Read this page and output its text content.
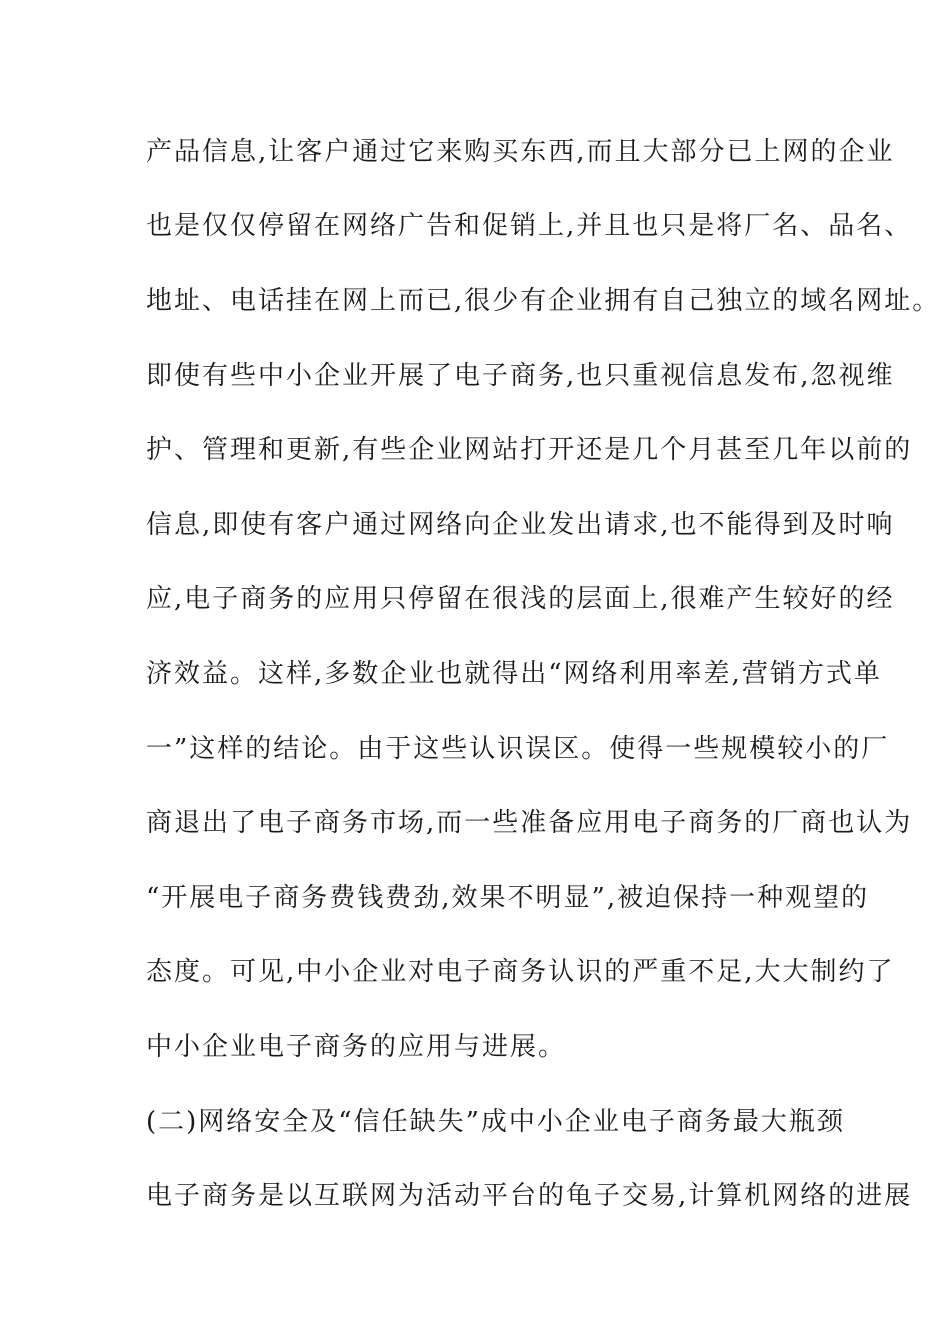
产品信息,让客户通过它来购买东西,而且大部分已上网的企业
也是仅仅停留在网络广告和促销上,并且也只是将厂名、品名、
地址、电话挂在网上而已,很少有企业拥有自己独立的域名网址。
即使有些中小企业开展了电子商务,也只重视信息发布,忽视维
护、管理和更新,有些企业网站打开还是几个月甚至几年以前的
信息,即使有客户通过网络向企业发出请求,也不能得到及时响
应,电子商务的应用只停留在很浅的层面上,很难产生较好的经
济效益。这样,多数企业也就得出“网络利用率差,营销方式单
一”这样的结论。由于这些认识误区。使得一些规模较小的厂
商退出了电子商务市场,而一些准备应用电子商务的厂商也认为
“开展电子商务费钱费劲,效果不明显”,被迫保持一种观望的
态度。可见,中小企业对电子商务认识的严重不足,大大制约了
中小企业电子商务的应用与进展。
(二)网络安全及“信任缺失”成中小企业电子商务最大瓶颈
电子商务是以互联网为活动平台的龟子交易,计算机网络的进展
